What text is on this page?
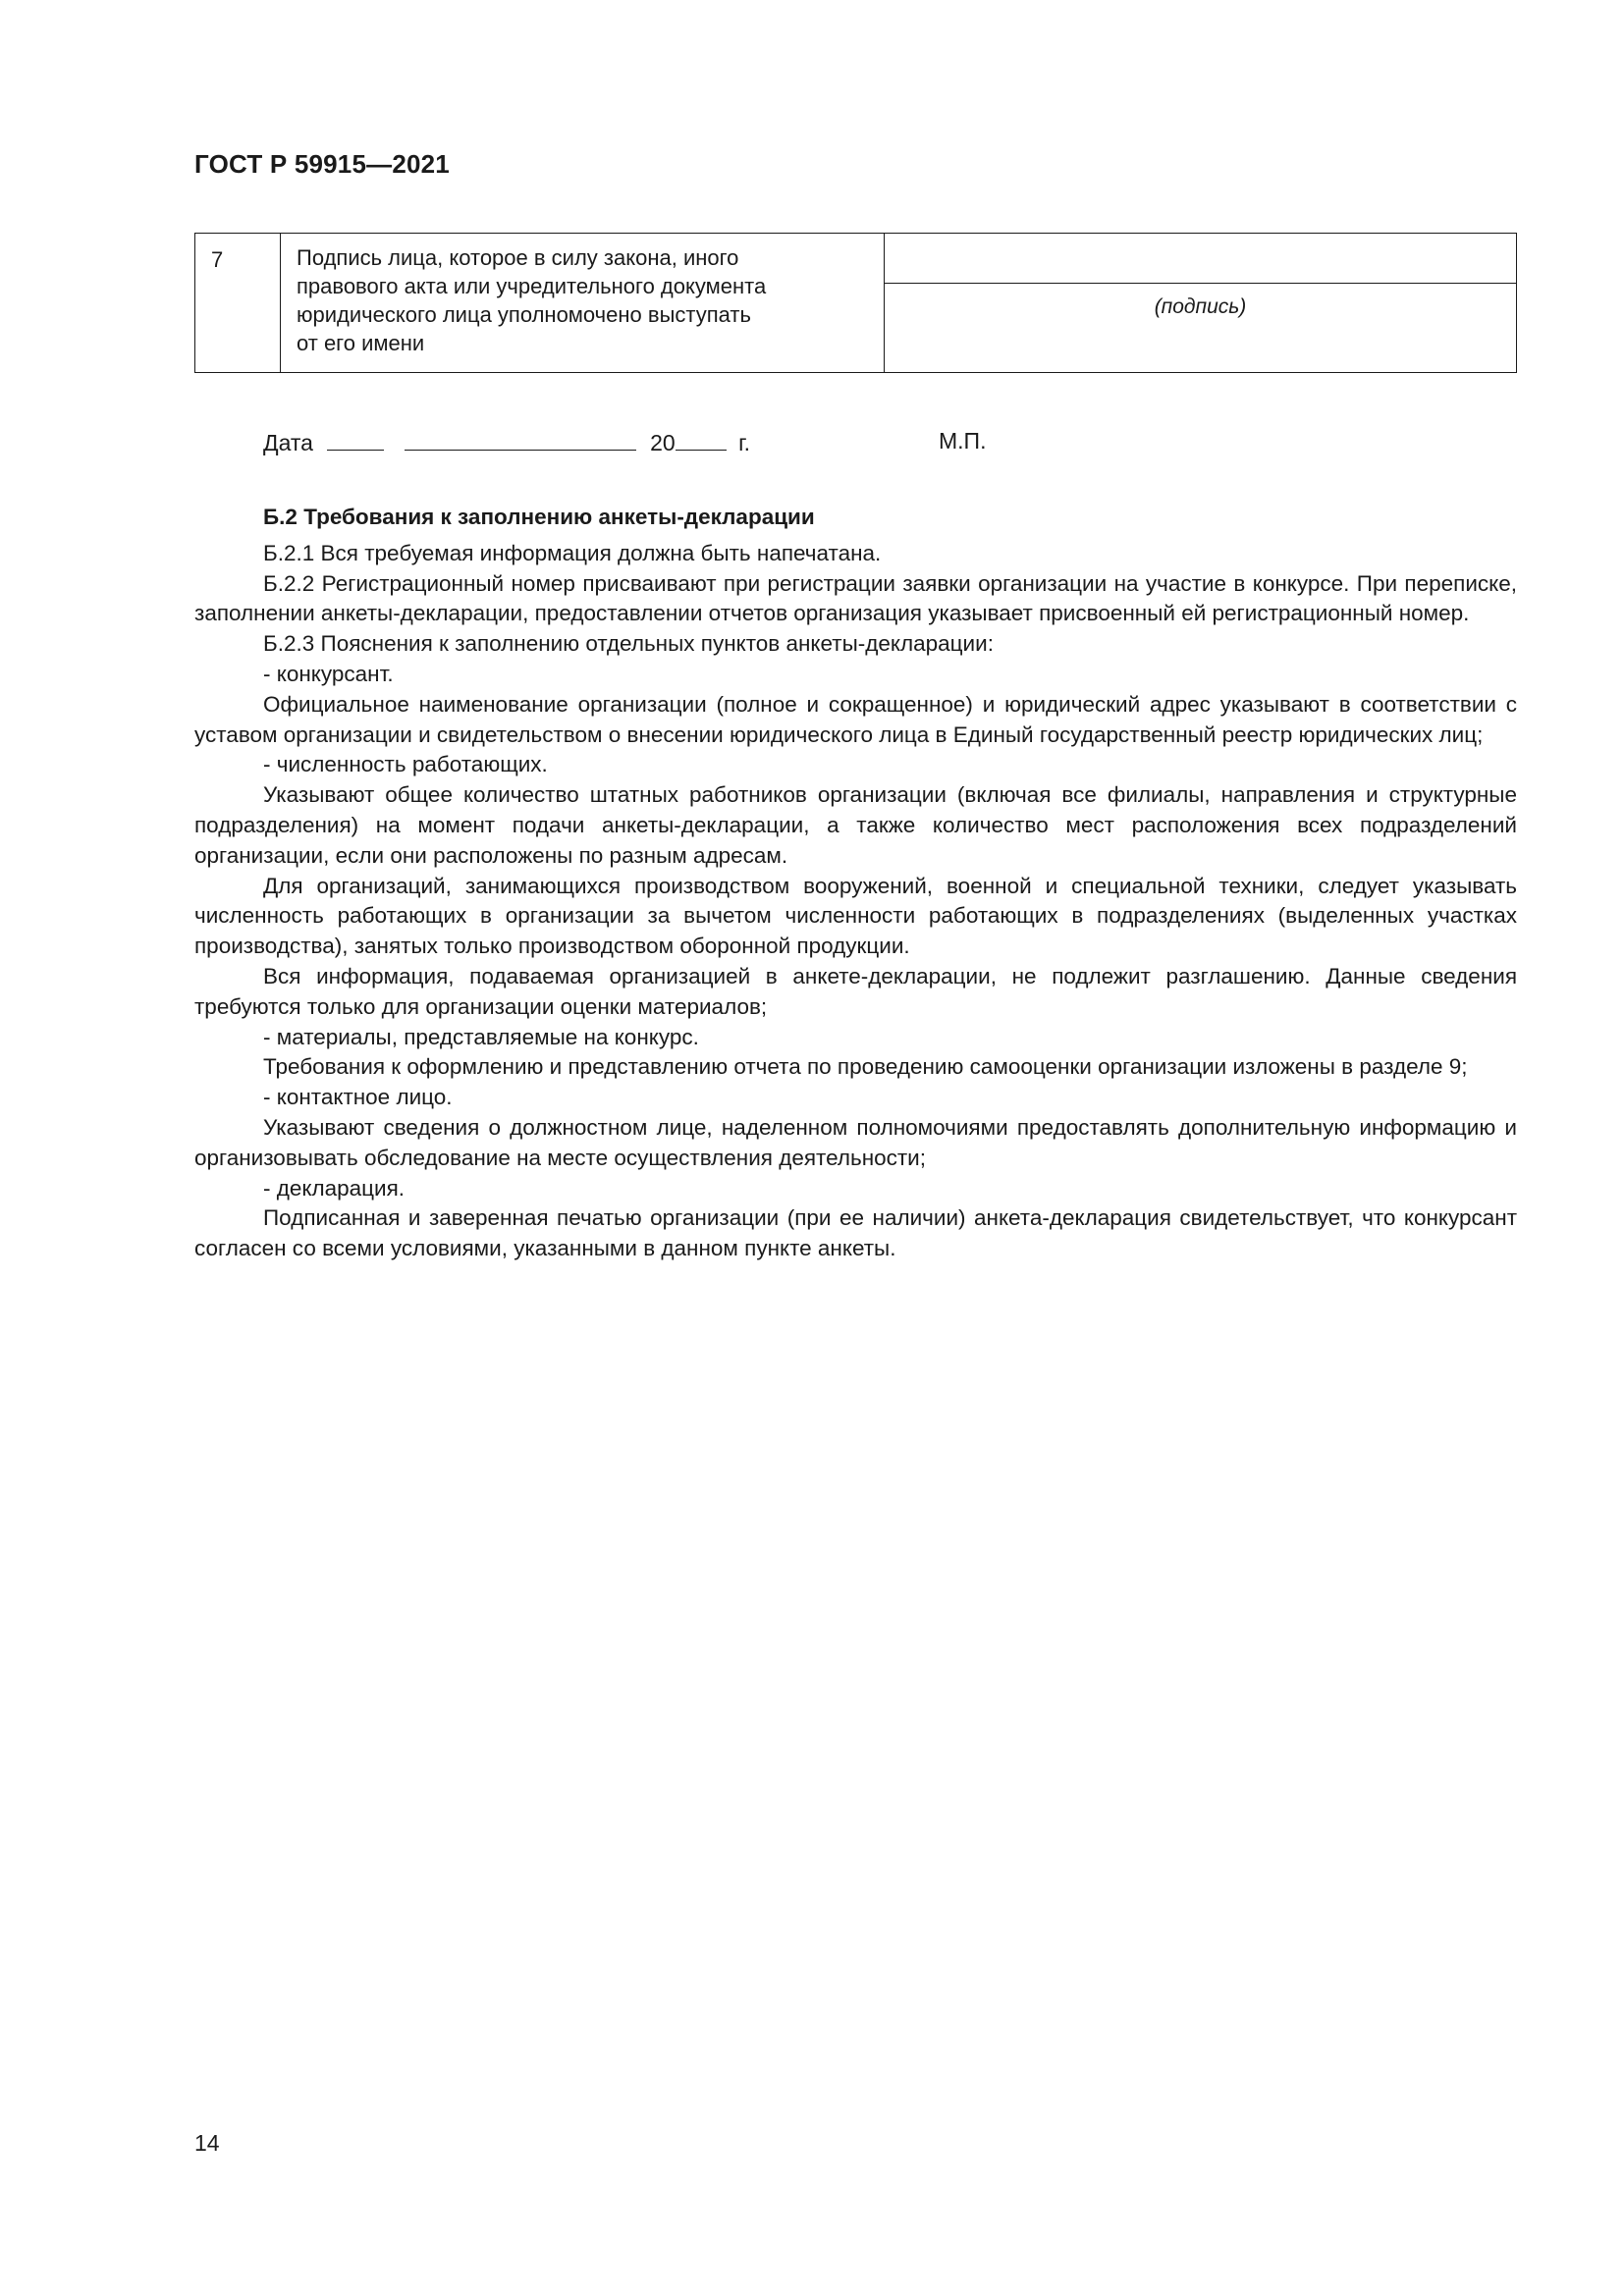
ГОСТ Р 59915—2021
7	Подпись лица, которое в силу закона, иного
правового акта или учредительного документа
юридического лица уполномочено выступать
от его имени	
(подпись)
Дата	20	г.	М.П.

Б.2 Требования к заполнению анкеты-декларации

Б.2.1 Вся требуемая информация должна быть напечатана.

Б.2.2 Регистрационный номер присваивают при регистрации заявки организации на участие в конкурсе. При переписке, заполнении анкеты-декларации, предоставлении отчетов организация указывает присвоенный ей регистрационный номер.

Б.2.3 Пояснения к заполнению отдельных пунктов анкеты-декларации:

- конкурсант.

Официальное наименование организации (полное и сокращенное) и юридический адрес указывают в соответствии с уставом организации и свидетельством о внесении юридического лица в Единый государственный реестр юридических лиц;

- численность работающих.

Указывают общее количество штатных работников организации (включая все филиалы, направления и структурные подразделения) на момент подачи анкеты-декларации, а также количество мест расположения всех подразделений организации, если они расположены по разным адресам.

Для организаций, занимающихся производством вооружений, военной и специальной техники, следует указывать численность работающих в организации за вычетом численности работающих в подразделениях (выделенных участках производства), занятых только производством оборонной продукции.

Вся информация, подаваемая организацией в анкете-декларации, не подлежит разглашению. Данные сведения требуются только для организации оценки материалов;

- материалы, представляемые на конкурс.

Требования к оформлению и представлению отчета по проведению самооценки организации изложены в разделе 9;

- контактное лицо.

Указывают сведения о должностном лице, наделенном полномочиями предоставлять дополнительную информацию и организовывать обследование на месте осуществления деятельности;

- декларация.

Подписанная и заверенная печатью организации (при ее наличии) анкета-декларация свидетельствует, что конкурсант согласен со всеми условиями, указанными в данном пункте анкеты.

14
